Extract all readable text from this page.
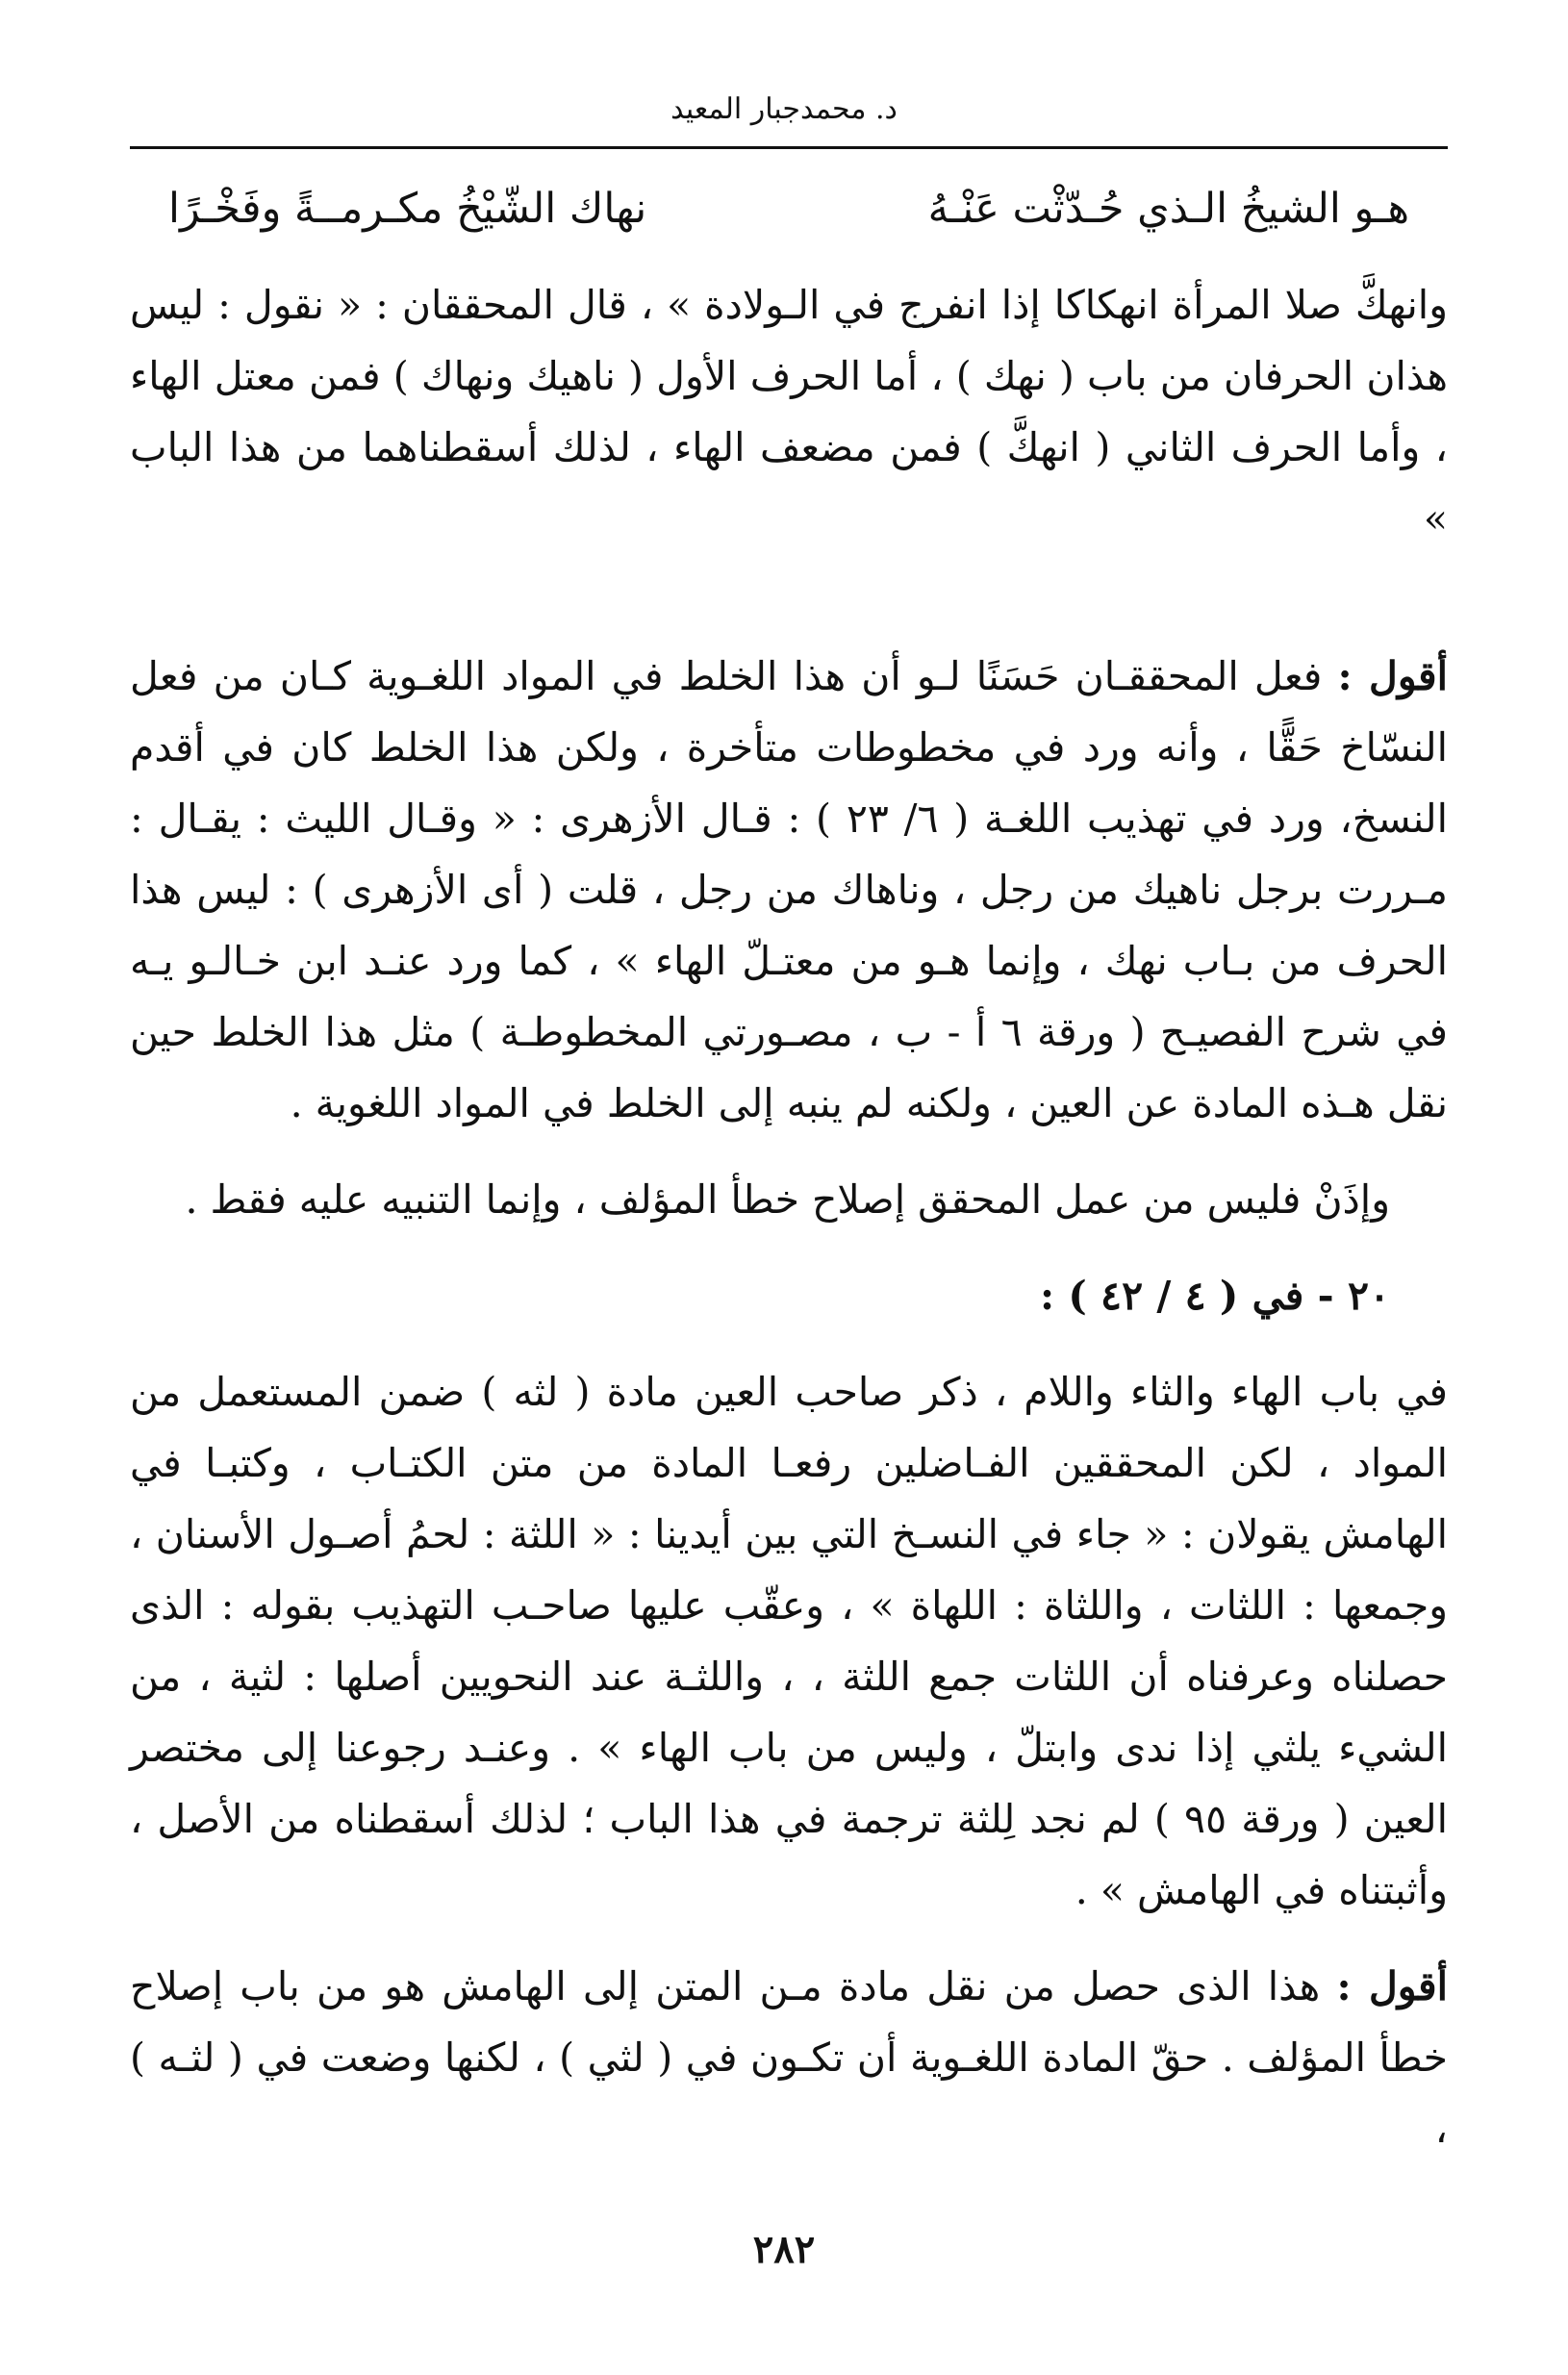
د. محمدجبار المعيد
هـو الشيخُ الـذي حُـدّثْت عَنْـهُ
نهاك الشّيْخُ مكـرمــةً وفَخْـرًا

وانهكَّ صلا المرأة انهكاكا إذا انفرج في الـولادة » ، قال المحققان : « نقول : ليس هذان الحرفان من باب ( نهك ) ، أما الحرف الأول ( ناهيك ونهاك ) فمن معتل الهاء ، وأما الحرف الثاني ( انهكَّ ) فمن مضعف الهاء ، لذلك أسقطناهما من هذا الباب »

أقول : فعل المحققـان حَسَنًا لـو أن هذا الخلط في المواد اللغـوية كـان من فعل النسّاخ حَقًّا ، وأنه ورد في مخطوطات متأخرة ، ولكن هذا الخلط كان في أقدم النسخ، ورد في تهذيب اللغـة ( ٦/ ٢٣ ) : قـال الأزهرى : « وقـال الليث : يقـال : مـررت برجل ناهيك من رجل ، وناهاك من رجل ، قلت ( أى الأزهرى ) : ليس هذا الحرف من بـاب نهك ، وإنما هـو من معتـلّ الهاء » ، كما ورد عنـد ابن خـالـو يـه في شرح الفصيـح ( ورقة ٦ أ - ب ، مصـورتي المخطوطـة ) مثل هذا الخلط حين نقل هـذه المادة عن العين ، ولكنه لم ينبه إلى الخلط في المواد اللغوية .

وإذَنْ فليس من عمل المحقق إصلاح خطأ المؤلف ، وإنما التنبيه عليه فقط .

٢٠ - في ( ٤ / ٤٢ ) :

في باب الهاء والثاء واللام ، ذكر صاحب العين مادة ( لثه ) ضمن المستعمل من المواد ، لكن المحققين الفـاضلين رفعـا المادة من متن الكتـاب ، وكتبـا في الهامش يقولان : « جاء في النسـخ التي بين أيدينا : « اللثة : لحمُ أصـول الأسنان ، وجمعها : اللثات ، واللثاة : اللهاة » ، وعقّب عليها صاحـب التهذيب بقوله : الذى حصلناه وعرفناه أن اللثات جمع اللثة ، ، واللثـة عند النحويين أصلها : لثية ، من الشيء يلثي إذا ندى وابتلّ ، وليس من باب الهاء » . وعنـد رجوعنا إلى مختصر العين ( ورقة ٩٥ ) لم نجد لِلثة ترجمة في هذا الباب ؛ لذلك أسقطناه من الأصل ، وأثبتناه في الهامش » .

أقول : هذا الذى حصل من نقل مادة مـن المتن إلى الهامش هو من باب إصلاح خطأ المؤلف . حقّ المادة اللغـوية أن تكـون في ( لثي ) ، لكنها وضعت في ( لثـه ) ،

٢٨٢
